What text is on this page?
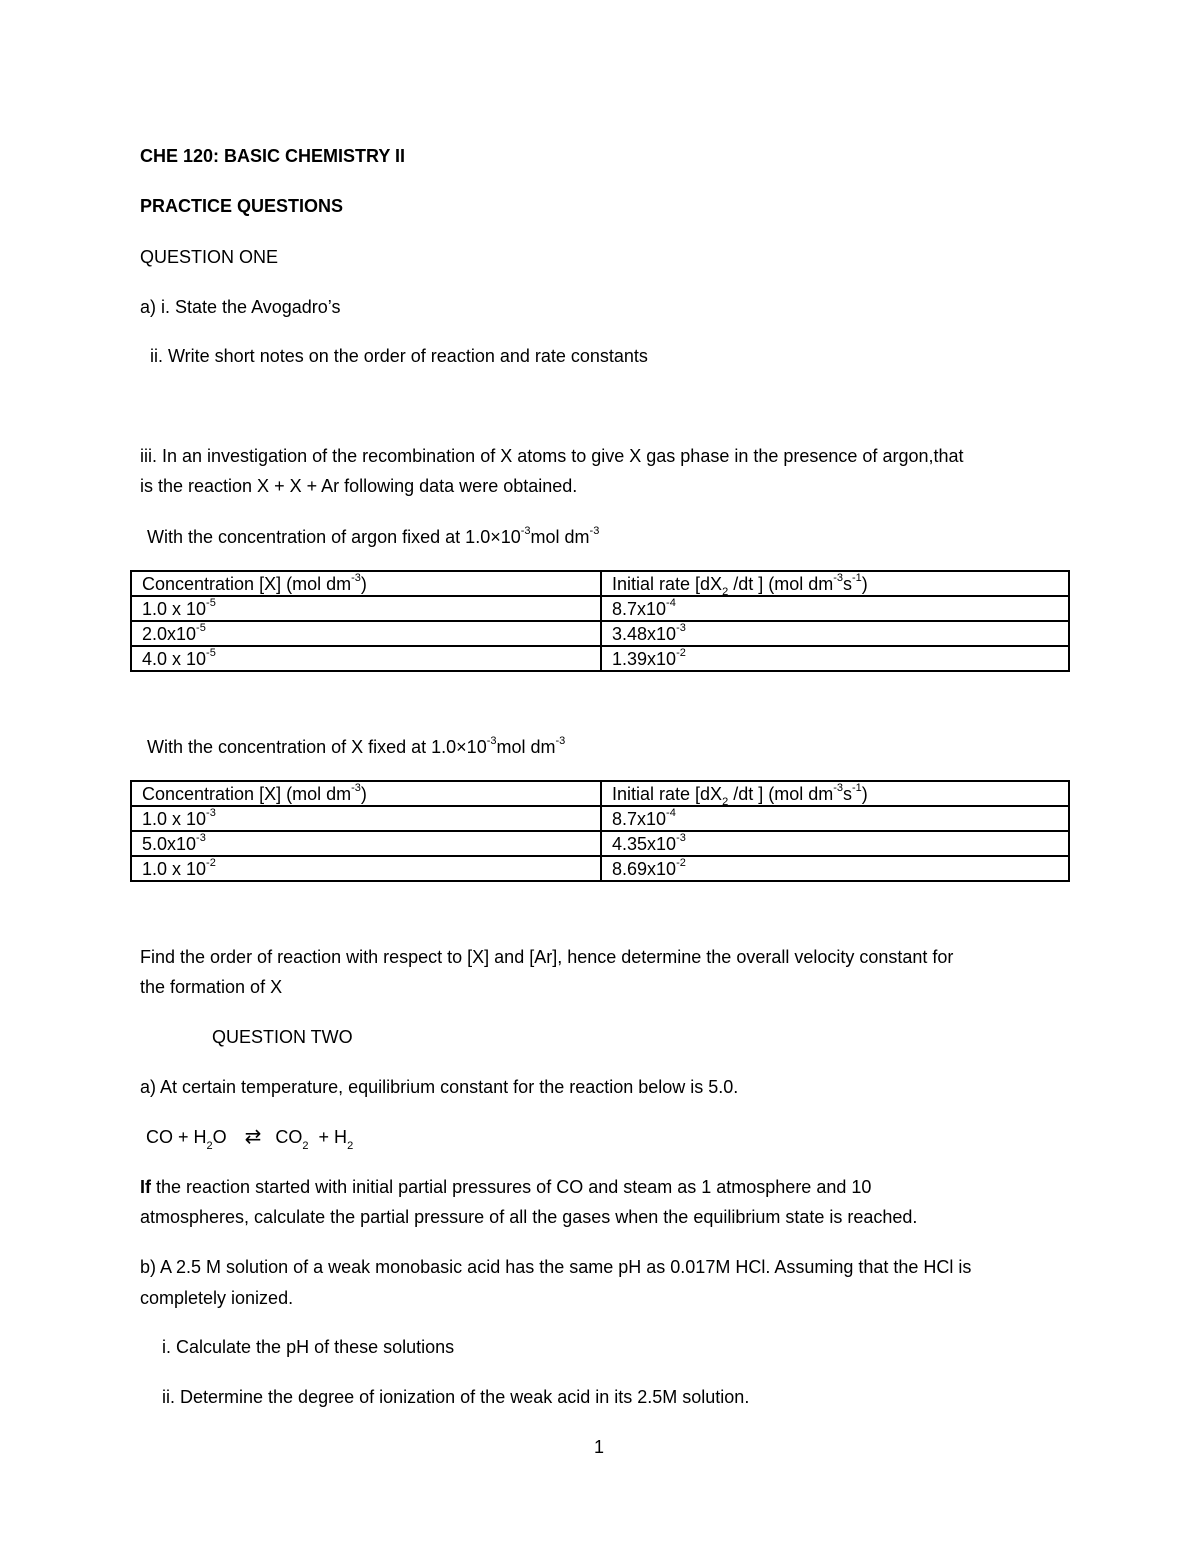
CHE 120: BASIC CHEMISTRY II
PRACTICE QUESTIONS
QUESTION ONE
a) i. State the Avogadro’s
ii. Write short notes on the order of reaction and rate constants
iii. In an investigation of the recombination of X atoms to give X gas phase in the presence of argon,that
is the reaction X + X + Ar following data were obtained.
With the concentration of argon fixed at $1.0\times 10^{-3}mol$ $dm^{-3}$
Concentration [X] (mol $dm^{-3}$)	Initial rate [$dX_2$ /dt ] (mol $dm^{-3}s^{-1}$)
1.0 x $10^{-5}$	$8.7x10^{-4}$
$2.0x10^{-5}$	$3.48x10^{-3}$
4.0 x $10^{-5}$	$1.39x10^{-2}$
With the concentration of X fixed at $1.0\times 10^{-3}mol$ $dm^{-3}$
Concentration [X] (mol $dm^{-3}$)	Initial rate [$dX_2$ /dt ] (mol $dm^{-3}s^{-1}$)
1.0 x $10^{-3}$	$8.7x10^{-4}$
$5.0x10^{-3}$	$4.35x10^{-3}$
1.0 x $10^{-2}$	$8.69x10^{-2}$
Find the order of reaction with respect to [X] and [Ar], hence determine the overall velocity constant for
the formation of X
QUESTION TWO
a) At certain temperature, equilibrium constant for the reaction below is 5.0.
CO + $H_2O$ ⇄ $CO_2 + H_2$
If the reaction started with initial partial pressures of CO and steam as 1 atmosphere and 10
atmospheres, calculate the partial pressure of all the gases when the equilibrium state is reached.
b) A 2.5 M solution of a weak monobasic acid has the same pH as 0.017M HCl. Assuming that the HCl is
completely ionized.
i. Calculate the pH of these solutions
ii. Determine the degree of ionization of the weak acid in its 2.5M solution.
1
